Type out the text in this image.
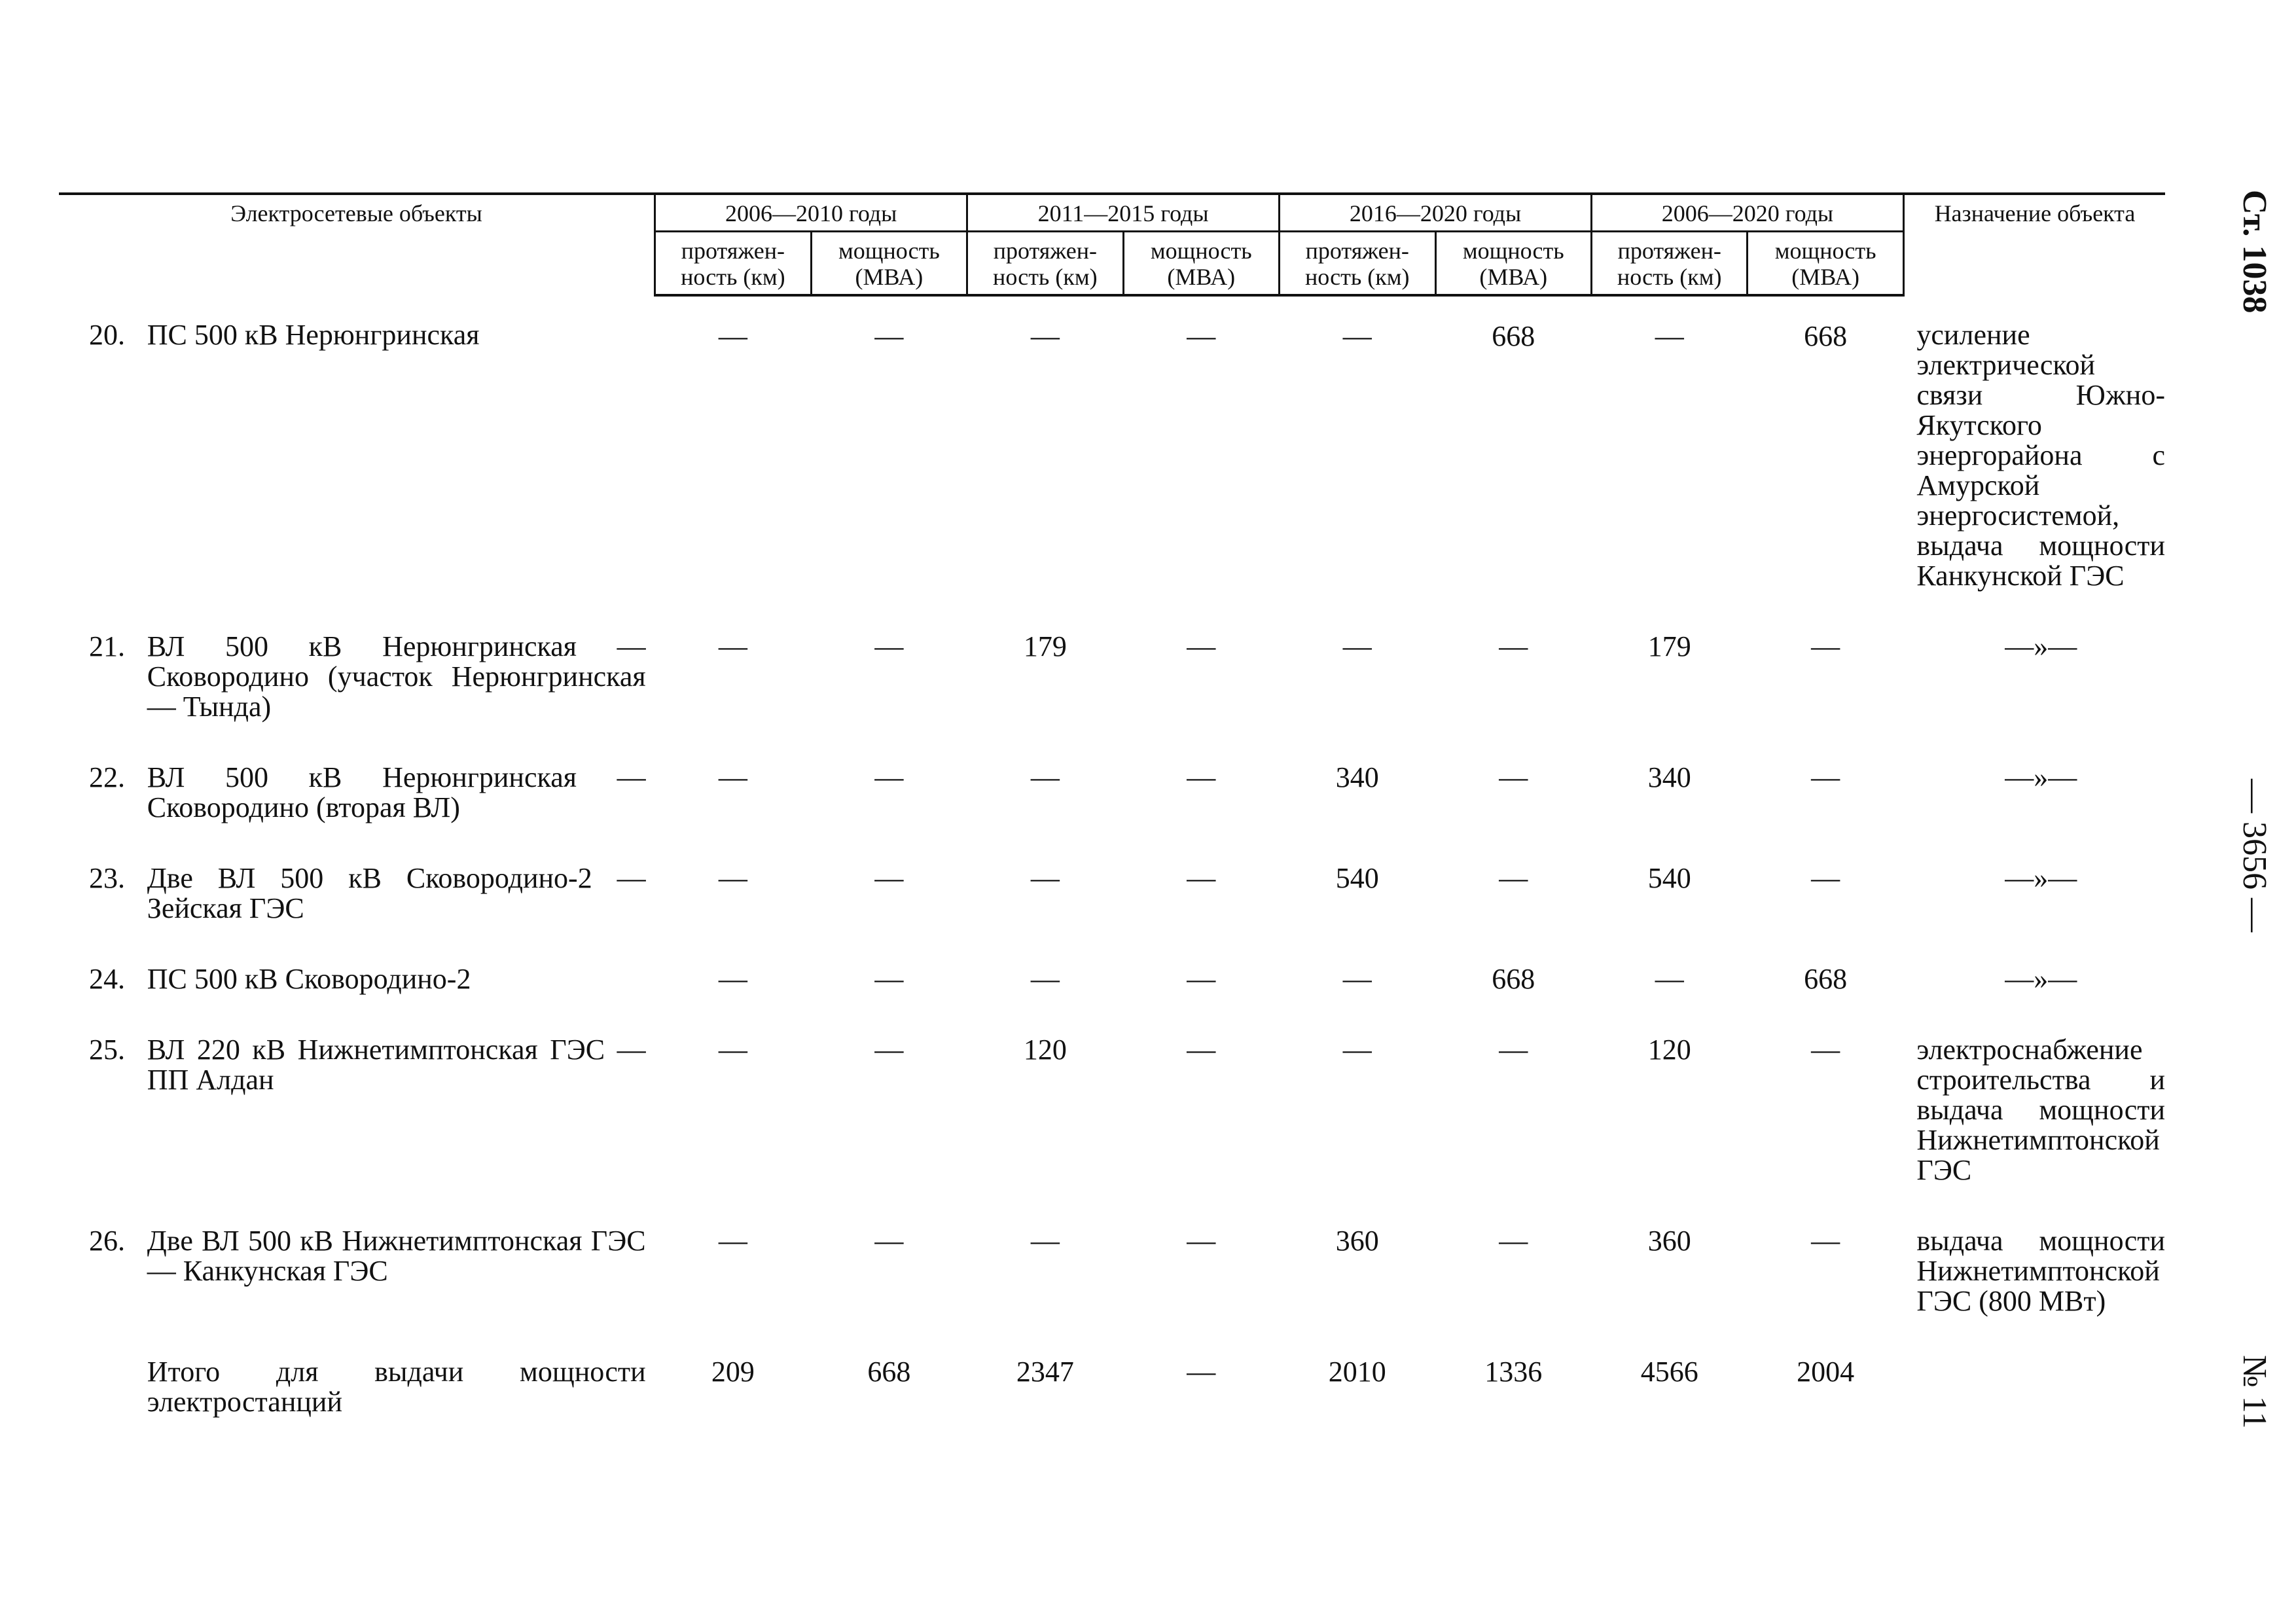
Ст. 1038
— 3656 —
№ 11
Электросетевые объекты		2006—2010 годы		2011—2015 годы		2016—2020 годы		2006—2020 годы		Назначение объекта
		протяжен-ность (км)	мощность (МВА)	протяжен-ность (км)	мощность (МВА)	протяжен-ность (км)	мощность (МВА)	протяжен-ность (км)	мощность (МВА)	
20.	ПС 500 кВ Нерюнгринская	—	—	—	—	—	668	—	668	усиление электрической связи Южно-Якутского энергорайона с Амурской энергосистемой, выдача мощности Канкунской ГЭС
21.	ВЛ 500 кВ Нерюнгринская — Сковородино (участок Нерюнгринская — Тында)	—	—	179	—	—	—	179	—	—»—
22.	ВЛ 500 кВ Нерюнгринская — Сковородино (вторая ВЛ)	—	—	—	—	340	—	340	—	—»—
23.	Две ВЛ 500 кВ Сковородино-2 — Зейская ГЭС	—	—	—	—	540	—	540	—	—»—
24.	ПС 500 кВ Сковородино-2	—	—	—	—	—	668	—	668	—»—
25.	ВЛ 220 кВ Нижнетимптонская ГЭС — ПП Алдан	—	—	120	—	—	—	120	—	электроснабжение строительства и выдача мощности Нижнетимптонской ГЭС
26.	Две ВЛ 500 кВ Нижнетимптонская ГЭС — Канкунская ГЭС	—	—	—	—	360	—	360	—	выдача мощности Нижнетимптонской ГЭС (800 МВт)
	Итого для выдачи мощности электростанций	209	668	2347	—	2010	1336	4566	2004	
